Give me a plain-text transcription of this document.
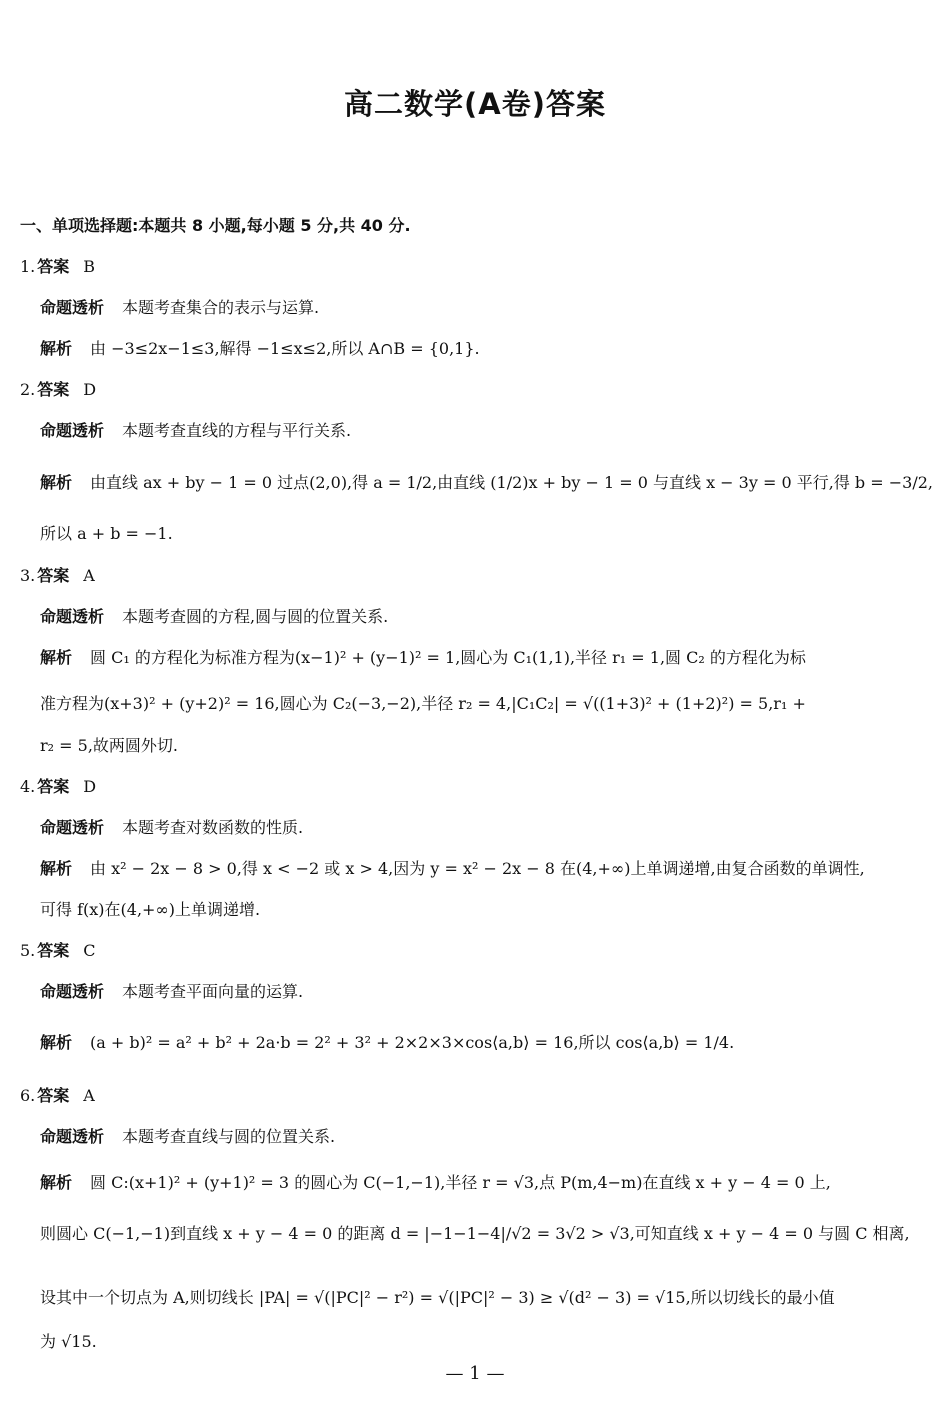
高二数学(A卷)答案
一、单项选择题:本题共 8 小题,每小题 5 分,共 40 分.
1. 答案 B
命题透析 本题考查集合的表示与运算.
解析 由 −3≤2x−1≤3,解得 −1≤x≤2,所以 A∩B = {0,1}.
2. 答案 D
命题透析 本题考查直线的方程与平行关系.
解析 由直线 ax + by − 1 = 0 过点(2,0),得 a = 1/2,由直线 (1/2)x + by − 1 = 0 与直线 x − 3y = 0 平行,得 b = −3/2,
所以 a + b = −1.
3. 答案 A
命题透析 本题考查圆的方程,圆与圆的位置关系.
解析 圆 C₁ 的方程化为标准方程为(x−1)² + (y−1)² = 1,圆心为 C₁(1,1),半径 r₁ = 1,圆 C₂ 的方程化为标
准方程为(x+3)² + (y+2)² = 16,圆心为 C₂(−3,−2),半径 r₂ = 4,|C₁C₂| = √((1+3)² + (1+2)²) = 5,r₁ +
r₂ = 5,故两圆外切.
4. 答案 D
命题透析 本题考查对数函数的性质.
解析 由 x² − 2x − 8 > 0,得 x < −2 或 x > 4,因为 y = x² − 2x − 8 在(4,+∞)上单调递增,由复合函数的单调性,
可得 f(x)在(4,+∞)上单调递增.
5. 答案 C
命题透析 本题考查平面向量的运算.
解析 (a + b)² = a² + b² + 2a·b = 2² + 3² + 2×2×3×cos⟨a,b⟩ = 16,所以 cos⟨a,b⟩ = 1/4.
6. 答案 A
命题透析 本题考查直线与圆的位置关系.
解析 圆 C:(x+1)² + (y+1)² = 3 的圆心为 C(−1,−1),半径 r = √3,点 P(m,4−m)在直线 x + y − 4 = 0 上,
则圆心 C(−1,−1)到直线 x + y − 4 = 0 的距离 d = |−1−1−4|/√2 = 3√2 > √3,可知直线 x + y − 4 = 0 与圆 C 相离,
设其中一个切点为 A,则切线长 |PA| = √(|PC|² − r²) = √(|PC|² − 3) ≥ √(d² − 3) = √15,所以切线长的最小值
为 √15.
— 1 —
